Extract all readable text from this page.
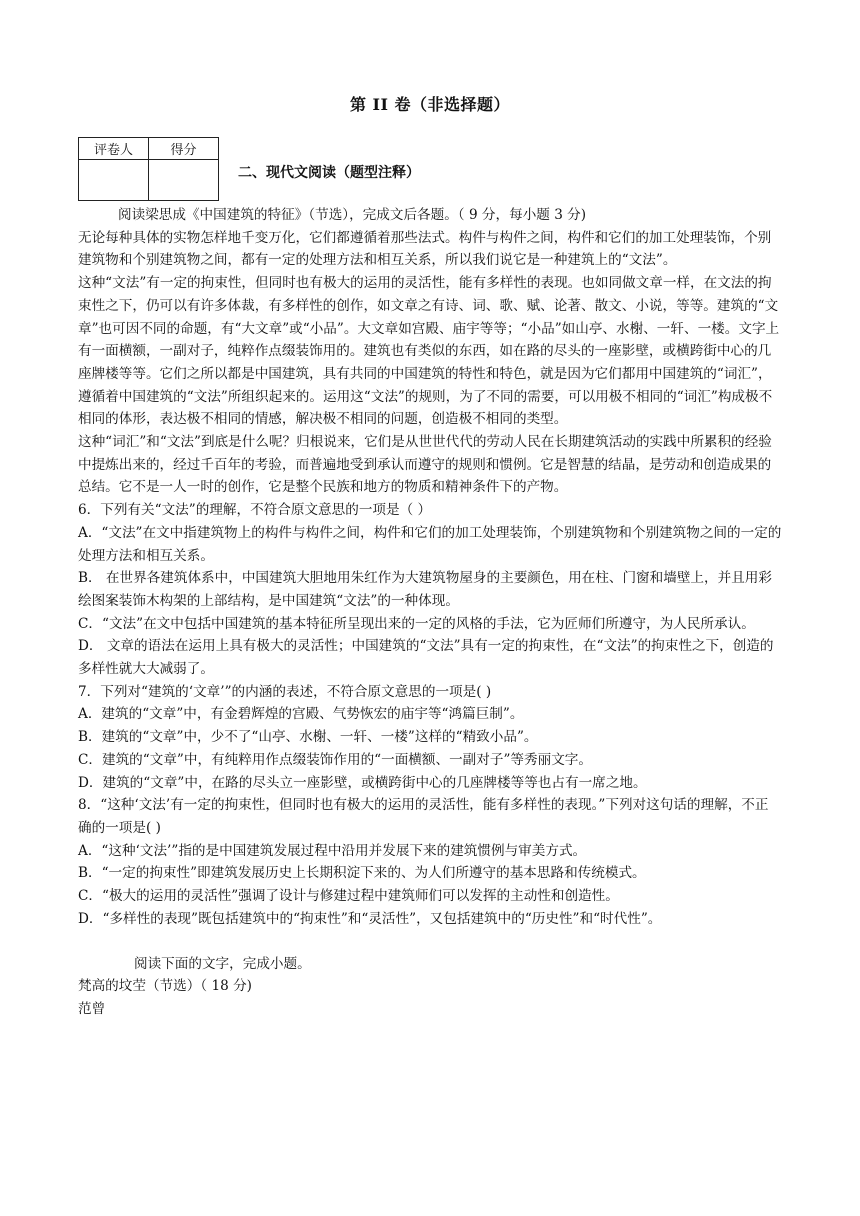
第 II 卷（非选择题）
评卷人	得分

二、现代文阅读（题型注释）

阅读梁思成《中国建筑的特征》（节选），完成文后各题。（ 9 分，每小题 3 分)

无论每种具体的实物怎样地千变万化，它们都遵循着那些法式。构件与构件之间，构件和它们的加工处理装饰，个别建筑物和个别建筑物之间，都有一定的处理方法和相互关系，所以我们说它是一种建筑上的“文法”。

这种“文法”有一定的拘束性，但同时也有极大的运用的灵活性，能有多样性的表现。也如同做文章一样，在文法的拘束性之下，仍可以有许多体裁，有多样性的创作，如文章之有诗、词、歌、赋、论著、散文、小说，等等。建筑的“文章”也可因不同的命题，有“大文章”或“小品”。大文章如宫殿、庙宇等等；“小品”如山亭、水榭、一轩、一楼。文字上有一面横额，一副对子，纯粹作点缀装饰用的。建筑也有类似的东西，如在路的尽头的一座影壁，或横跨街中心的几座牌楼等等。它们之所以都是中国建筑，具有共同的中国建筑的特性和特色，就是因为它们都用中国建筑的“词汇”，遵循着中国建筑的“文法”所组织起来的。运用这“文法”的规则，为了不同的需要，可以用极不相同的“词汇”构成极不相同的体形，表达极不相同的情感，解决极不相同的问题，创造极不相同的类型。

这种“词汇”和“文法”到底是什么呢？归根说来，它们是从世世代代的劳动人民在长期建筑活动的实践中所累积的经验中提炼出来的，经过千百年的考验，而普遍地受到承认而遵守的规则和惯例。它是智慧的结晶，是劳动和创造成果的总结。它不是一人一时的创作，它是整个民族和地方的物质和精神条件下的产物。

6．下列有关“文法”的理解，不符合原文意思的一项是（ ）

A．“文法”在文中指建筑物上的构件与构件之间，构件和它们的加工处理装饰，个别建筑物和个别建筑物之间的一定的处理方法和相互关系。

B． 在世界各建筑体系中，中国建筑大胆地用朱红作为大建筑物屋身的主要颜色，用在柱、门窗和墙壁上，并且用彩绘图案装饰木构架的上部结构，是中国建筑“文法”的一种体现。

C．“文法”在文中包括中国建筑的基本特征所呈现出来的一定的风格的手法，它为匠师们所遵守，为人民所承认。

D． 文章的语法在运用上具有极大的灵活性；中国建筑的“文法”具有一定的拘束性，在“文法”的拘束性之下，创造的多样性就大大减弱了。

7．下列对“建筑的‘文章’”的内涵的表述，不符合原文意思的一项是( )

A．建筑的“文章”中，有金碧辉煌的宫殿、气势恢宏的庙宇等“鸿篇巨制”。

B．建筑的“文章”中，少不了“山亭、水榭、一轩、一楼”这样的“精致小品”。

C．建筑的“文章”中，有纯粹用作点缀装饰作用的“一面横额、一副对子”等秀丽文字。

D．建筑的“文章”中，在路的尽头立一座影壁，或横跨街中心的几座牌楼等等也占有一席之地。

8．“这种‘文法’有一定的拘束性，但同时也有极大的运用的灵活性，能有多样性的表现。”下列对这句话的理解，不正确的一项是( )

A．“这种‘文法’”指的是中国建筑发展过程中沿用并发展下来的建筑惯例与审美方式。

B．“一定的拘束性”即建筑发展历史上长期积淀下来的、为人们所遵守的基本思路和传统模式。

C．“极大的运用的灵活性”强调了设计与修建过程中建筑师们可以发挥的主动性和创造性。

D．“多样性的表现”既包括建筑中的“拘束性”和“灵活性”，又包括建筑中的“历史性”和“时代性”。

阅读下面的文字，完成小题。

梵高的坟茔（节选）（ 18 分)

范曾
